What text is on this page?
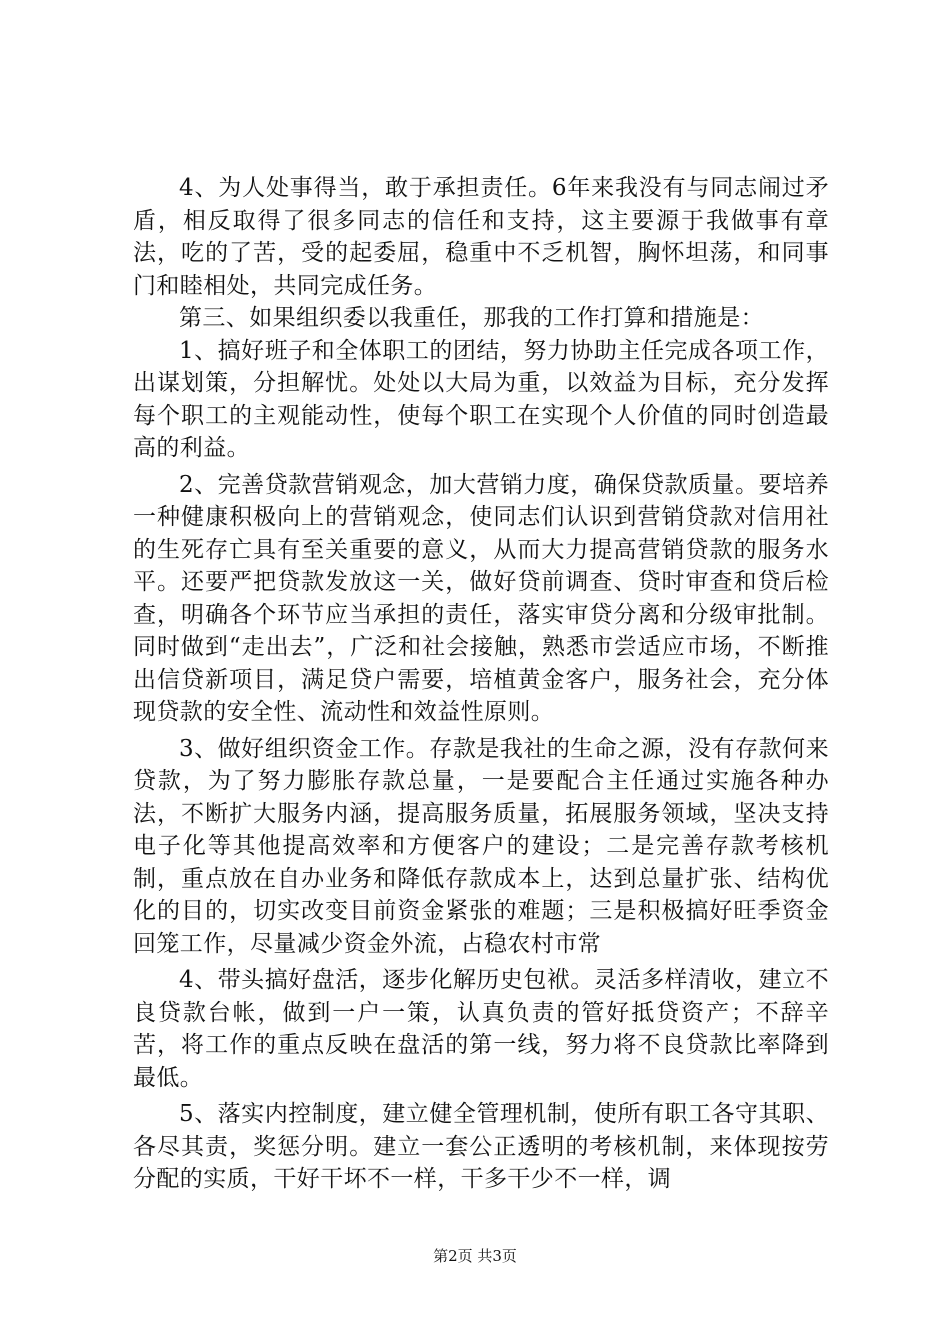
4、为人处事得当，敢于承担责任。6年来我没有与同志闹过矛盾，相反取得了很多同志的信任和支持，这主要源于我做事有章法，吃的了苦，受的起委屈，稳重中不乏机智，胸怀坦荡，和同事门和睦相处，共同完成任务。

第三、如果组织委以我重任，那我的工作打算和措施是：

1、搞好班子和全体职工的团结，努力协助主任完成各项工作，出谋划策，分担解忧。处处以大局为重，以效益为目标，充分发挥每个职工的主观能动性，使每个职工在实现个人价值的同时创造最高的利益。

2、完善贷款营销观念，加大营销力度，确保贷款质量。要培养一种健康积极向上的营销观念，使同志们认识到营销贷款对信用社的生死存亡具有至关重要的意义，从而大力提高营销贷款的服务水平。还要严把贷款发放这一关，做好贷前调查、贷时审查和贷后检查，明确各个环节应当承担的责任，落实审贷分离和分级审批制。同时做到“走出去”，广泛和社会接触，熟悉市尝适应市场，不断推出信贷新项目，满足贷户需要，培植黄金客户，服务社会，充分体现贷款的安全性、流动性和效益性原则。

3、做好组织资金工作。存款是我社的生命之源，没有存款何来贷款，为了努力膨胀存款总量，一是要配合主任通过实施各种办法，不断扩大服务内涵，提高服务质量，拓展服务领域，坚决支持电子化等其他提高效率和方便客户的建设；二是完善存款考核机制，重点放在自办业务和降低存款成本上，达到总量扩张、结构优化的目的，切实改变目前资金紧张的难题；三是积极搞好旺季资金回笼工作，尽量减少资金外流，占稳农村市常

4、带头搞好盘活，逐步化解历史包袱。灵活多样清收，建立不良贷款台帐，做到一户一策，认真负责的管好抵贷资产；不辞辛苦，将工作的重点反映在盘活的第一线，努力将不良贷款比率降到最低。

5、落实内控制度，建立健全管理机制，使所有职工各守其职、各尽其责，奖惩分明。建立一套公正透明的考核机制，来体现按劳分配的实质，干好干坏不一样，干多干少不一样，调

第2页 共3页
